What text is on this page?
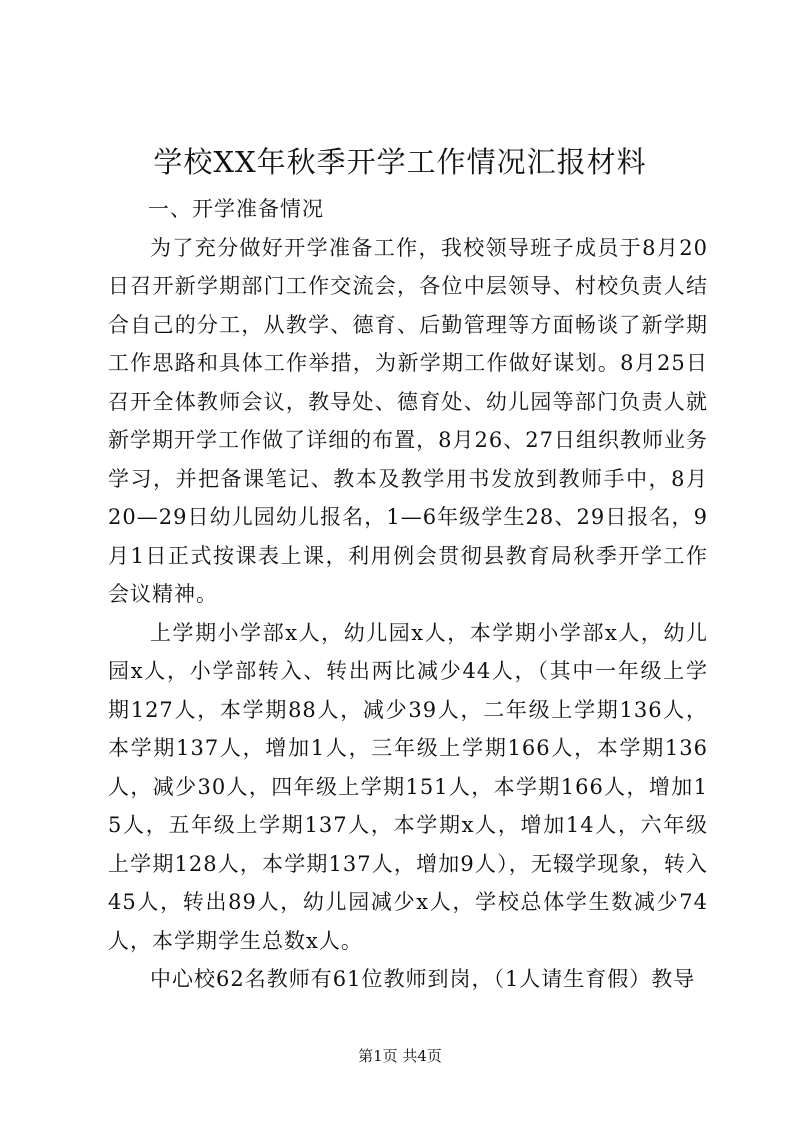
学校XX年秋季开学工作情况汇报材料

一、开学准备情况

为了充分做好开学准备工作，我校领导班子成员于8月20日召开新学期部门工作交流会，各位中层领导、村校负责人结合自己的分工，从教学、德育、后勤管理等方面畅谈了新学期工作思路和具体工作举措，为新学期工作做好谋划。8月25日召开全体教师会议，教导处、德育处、幼儿园等部门负责人就新学期开学工作做了详细的布置，8月26、27日组织教师业务学习，并把备课笔记、教本及教学用书发放到教师手中，8月20—29日幼儿园幼儿报名，1—6年级学生28、29日报名，9月1日正式按课表上课，利用例会贯彻县教育局秋季开学工作会议精神。

上学期小学部x人，幼儿园x人，本学期小学部x人，幼儿园x人，小学部转入、转出两比减少44人，（其中一年级上学期127人，本学期88人，减少39人，二年级上学期136人，本学期137人，增加1人，三年级上学期166人，本学期136人，减少30人，四年级上学期151人，本学期166人，增加15人，五年级上学期137人，本学期x人，增加14人，六年级上学期128人，本学期137人，增加9人），无辍学现象，转入45人，转出89人，幼儿园减少x人，学校总体学生数减少74人，本学期学生总数x人。

中心校62名教师有61位教师到岗，（1人请生育假）教导

第1页 共4页
